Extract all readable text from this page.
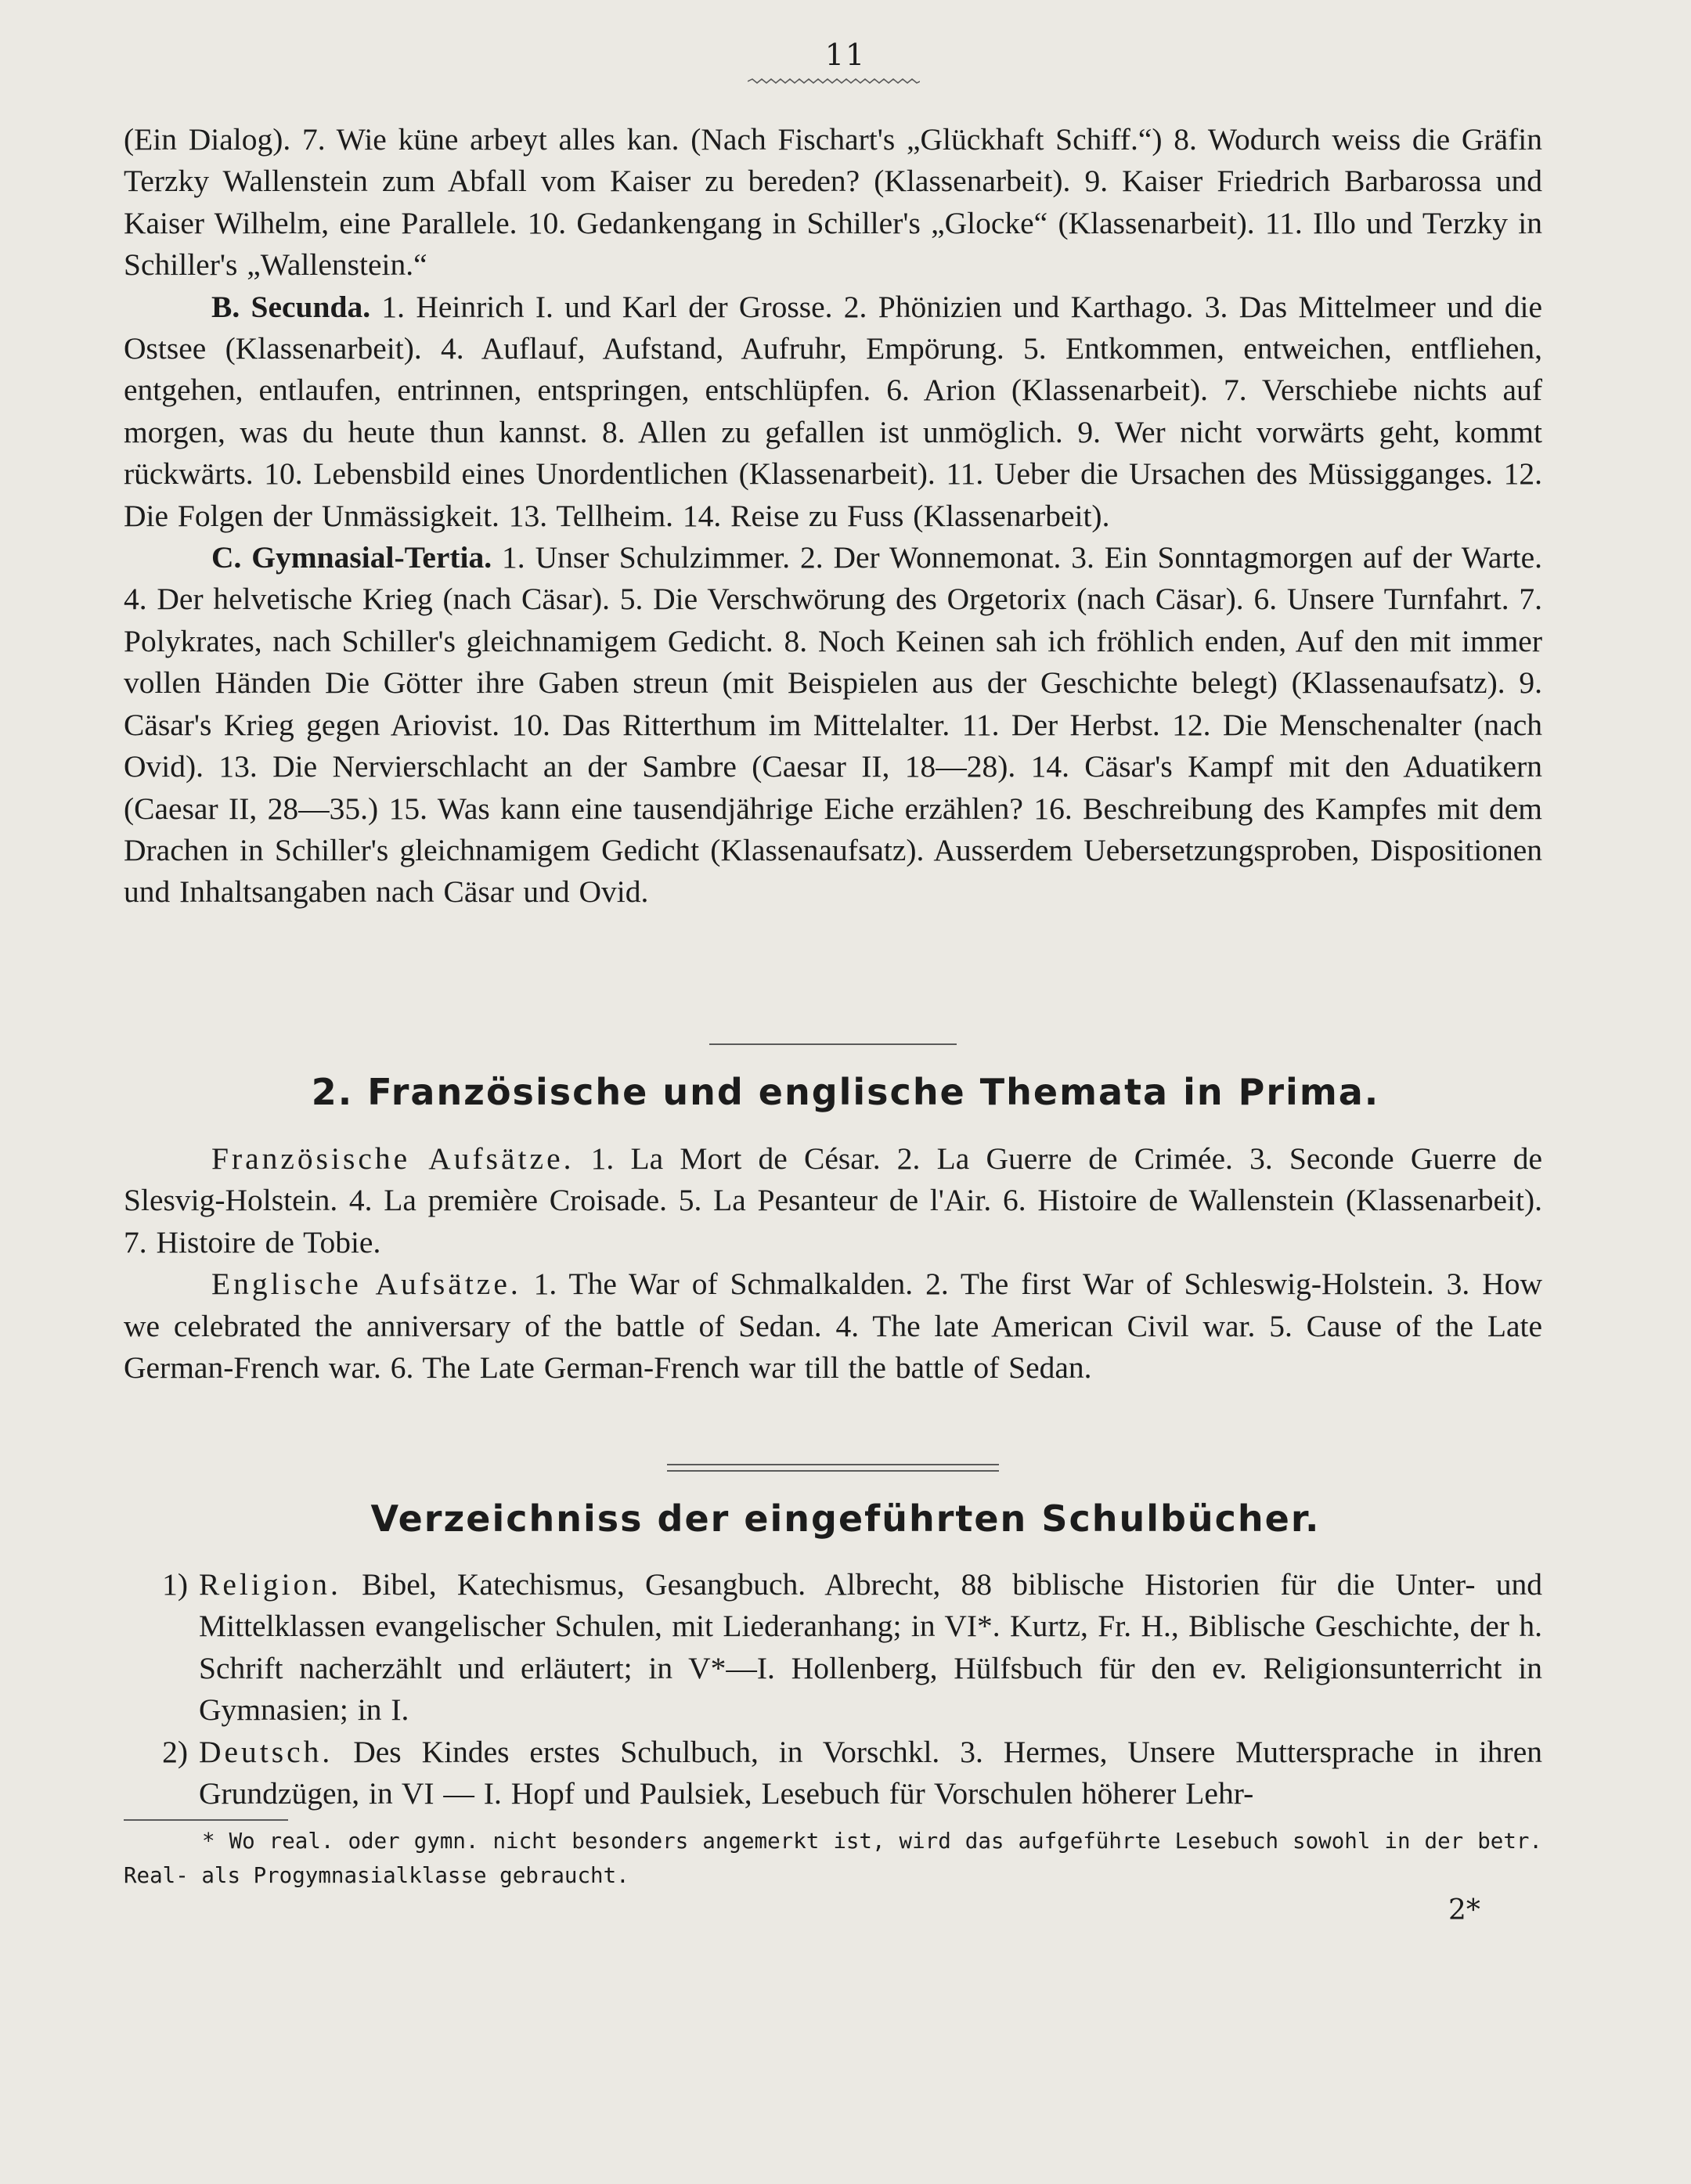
11

(Ein Dialog). 7. Wie küne arbeyt alles kan. (Nach Fischart's „Glückhaft Schiff.“) 8. Wodurch weiss die Gräfin Terzky Wallenstein zum Abfall vom Kaiser zu bereden? (Klassenarbeit). 9. Kaiser Friedrich Barbarossa und Kaiser Wilhelm, eine Parallele. 10. Gedankengang in Schiller's „Glocke“ (Klassenarbeit). 11. Illo und Terzky in Schiller's „Wallenstein.“

B. Secunda. 1. Heinrich I. und Karl der Grosse. 2. Phönizien und Karthago. 3. Das Mittelmeer und die Ostsee (Klassenarbeit). 4. Auflauf, Aufstand, Aufruhr, Empörung. 5. Entkommen, entweichen, entfliehen, entgehen, entlaufen, entrinnen, entspringen, entschlüpfen. 6. Arion (Klassenarbeit). 7. Verschiebe nichts auf morgen, was du heute thun kannst. 8. Allen zu gefallen ist unmöglich. 9. Wer nicht vorwärts geht, kommt rückwärts. 10. Lebensbild eines Unordentlichen (Klassenarbeit). 11. Ueber die Ursachen des Müssigganges. 12. Die Folgen der Unmässigkeit. 13. Tellheim. 14. Reise zu Fuss (Klassenarbeit).

C. Gymnasial-Tertia. 1. Unser Schulzimmer. 2. Der Wonnemonat. 3. Ein Sonntagmorgen auf der Warte. 4. Der helvetische Krieg (nach Cäsar). 5. Die Verschwörung des Orgetorix (nach Cäsar). 6. Unsere Turnfahrt. 7. Polykrates, nach Schiller's gleichnamigem Gedicht. 8. Noch Keinen sah ich fröhlich enden, Auf den mit immer vollen Händen Die Götter ihre Gaben streun (mit Beispielen aus der Geschichte belegt) (Klassenaufsatz). 9. Cäsar's Krieg gegen Ariovist. 10. Das Ritterthum im Mittelalter. 11. Der Herbst. 12. Die Menschenalter (nach Ovid). 13. Die Nervierschlacht an der Sambre (Caesar II, 18—28). 14. Cäsar's Kampf mit den Aduatikern (Caesar II, 28—35.) 15. Was kann eine tausendjährige Eiche erzählen? 16. Beschreibung des Kampfes mit dem Drachen in Schiller's gleichnamigem Gedicht (Klassenaufsatz). Ausserdem Uebersetzungsproben, Dispositionen und Inhaltsangaben nach Cäsar und Ovid.

2. Französische und englische Themata in Prima.

Französische Aufsätze. 1. La Mort de César. 2. La Guerre de Crimée. 3. Seconde Guerre de Slesvig-Holstein. 4. La première Croisade. 5. La Pesanteur de l'Air. 6. Histoire de Wallenstein (Klassenarbeit). 7. Histoire de Tobie.

Englische Aufsätze. 1. The War of Schmalkalden. 2. The first War of Schleswig-Holstein. 3. How we celebrated the anniversary of the battle of Sedan. 4. The late American Civil war. 5. Cause of the Late German-French war. 6. The Late German-French war till the battle of Sedan.

Verzeichniss der eingeführten Schulbücher.
1) Religion. Bibel, Katechismus, Gesangbuch. Albrecht, 88 biblische Historien für die Unter- und Mittelklassen evangelischer Schulen, mit Liederanhang; in VI*. Kurtz, Fr. H., Biblische Geschichte, der h. Schrift nacherzählt und erläutert; in V*—I. Hollenberg, Hülfsbuch für den ev. Religionsunterricht in Gymnasien; in I.
2) Deutsch. Des Kindes erstes Schulbuch, in Vorschkl. 3. Hermes, Unsere Muttersprache in ihren Grundzügen, in VI — I. Hopf und Paulsiek, Lesebuch für Vorschulen höherer Lehr-
* Wo real. oder gymn. nicht besonders angemerkt ist, wird das aufgeführte Lesebuch sowohl in der betr. Real- als Progymnasialklasse gebraucht.
2*
